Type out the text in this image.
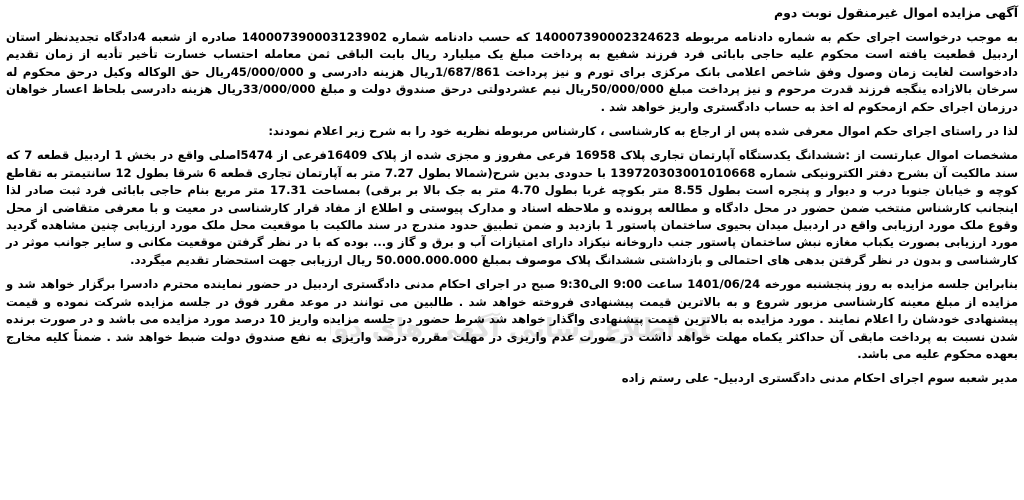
آگهی مزایده اموال غیرمنقول نوبت دوم

به موجب درخواست اجرای حکم به شماره دادنامه مربوطه 140007390002324623 که حسب دادنامه شماره 140007390003123902 صادره از شعبه 4دادگاه تجدیدنظر استان اردبیل قطعیت یافته است محکوم علیه حاجی بابائی فرد فرزند شفیع به پرداخت مبلغ یک میلیارد ریال بابت الباقی ثمن معامله احتساب خسارت تأخیر تأدیه از زمان تقدیم دادخواست لغایت زمان وصول وفق شاخص اعلامی بانک مرکزی برای تورم و نیز پرداخت 1/687/861ریال هزینه دادرسی و 45/000/000ریال حق الوکاله وکیل درحق محکوم له سرخان بالازاده ینگجه فرزند قدرت مرحوم و نیز پرداخت مبلغ 50/000/000ریال نیم عشردولتی درحق صندوق دولت و مبلغ 33/000/000ریال هزینه دادرسی بلحاظ اعسار خواهان درزمان اجرای حکم ازمحکوم له اخذ به حساب دادگستری واریز خواهد شد .

لذا در راستای اجرای حکم اموال معرفی شده پس از ارجاع به کارشناسی ، کارشناس مربوطه نظریه خود را به شرح زیر اعلام نمودند:

مشخصات اموال عبارتست از :ششدانگ یکدستگاه آپارتمان تجاری پلاک 16958 فرعی مفروز و مجزی شده از پلاک 16409فرعی از 5474اصلی واقع در بخش 1 اردبیل قطعه 7 که سند مالکیت آن بشرح دفتر الکترونیکی شماره 139720303001010668 با حدودی بدین شرح(شمالا بطول 7.27 متر به آپارتمان تجاری قطعه 6 شرقا بطول 12 سانتیمتر به تقاطع کوچه و خیابان جنوبا درب و دیوار و پنجره است بطول 8.55 متر بکوچه غربا بطول 4.70 متر به جک بالا بر برقی) بمساحت 17.31 متر مربع بنام حاجی بابائی فرد ثبت صادر لذا اینجانب کارشناس منتخب ضمن حضور در محل دادگاه و مطالعه پرونده و ملاحظه اسناد و مدارک پیوستی و اطلاع از مفاد قرار کارشناسی در معیت و با معرفی متقاضی از محل وقوع ملک مورد ارزیابی واقع در اردبیل میدان بحیوی ساختمان پاستور 1 بازدید و ضمن تطبیق حدود مندرج در سند مالکیت با موقعیت محل ملک مورد ارزیابی چنین مشاهده گردید مورد ارزیابی بصورت یکباب مغازه نبش ساختمان پاستور جنب داروخانه نیکزاد دارای امتیازات آب و برق و گاز و... بوده که با در نظر گرفتن موقعیت مکانی و سایر جوانب موثر در کارشناسی و بدون در نظر گرفتن بدهی های احتمالی و بازداشتی ششدانگ پلاک موصوف بمبلغ 50.000.000.000 ریال ارزیابی جهت استحضار تقدیم میگردد.

بنابراین جلسه مزایده به روز پنجشنبه مورخه 1401/06/24 ساعت 9:00 الی9:30 صبح در اجرای احکام مدنی دادگستری اردبیل در حضور نماینده محترم دادسرا برگزار خواهد شد و مزایده از مبلغ معینه کارشناسی مزبور شروع و به بالاترین قیمت پیشنهادی فروخته خواهد شد . طالبین می توانند در موعد مقرر فوق در جلسه مزایده شرکت نموده و قیمت پیشنهادی خودشان را اعلام نمایند . مورد مزایده به بالاترین قیمت پیشنهادی واگذار خواهد شد شرط حضور در جلسه مزایده واریز 10 درصد مورد مزایده می باشد و در صورت برنده شدن نسبت به پرداخت مابقی آن حداکثر یکماه مهلت خواهد داشت در صورت عدم واریزی در مهلت مقرره درصد واریزی به نفع صندوق دولت ضبط خواهد شد . ضمناً کلیه مخارج بعهده محکوم علیه می باشد.

مدیر شعبه سوم اجرای احکام مدنی دادگستری اردبیل- علی رستم زاده
اه اطلاع رسانی آگهی های دو
